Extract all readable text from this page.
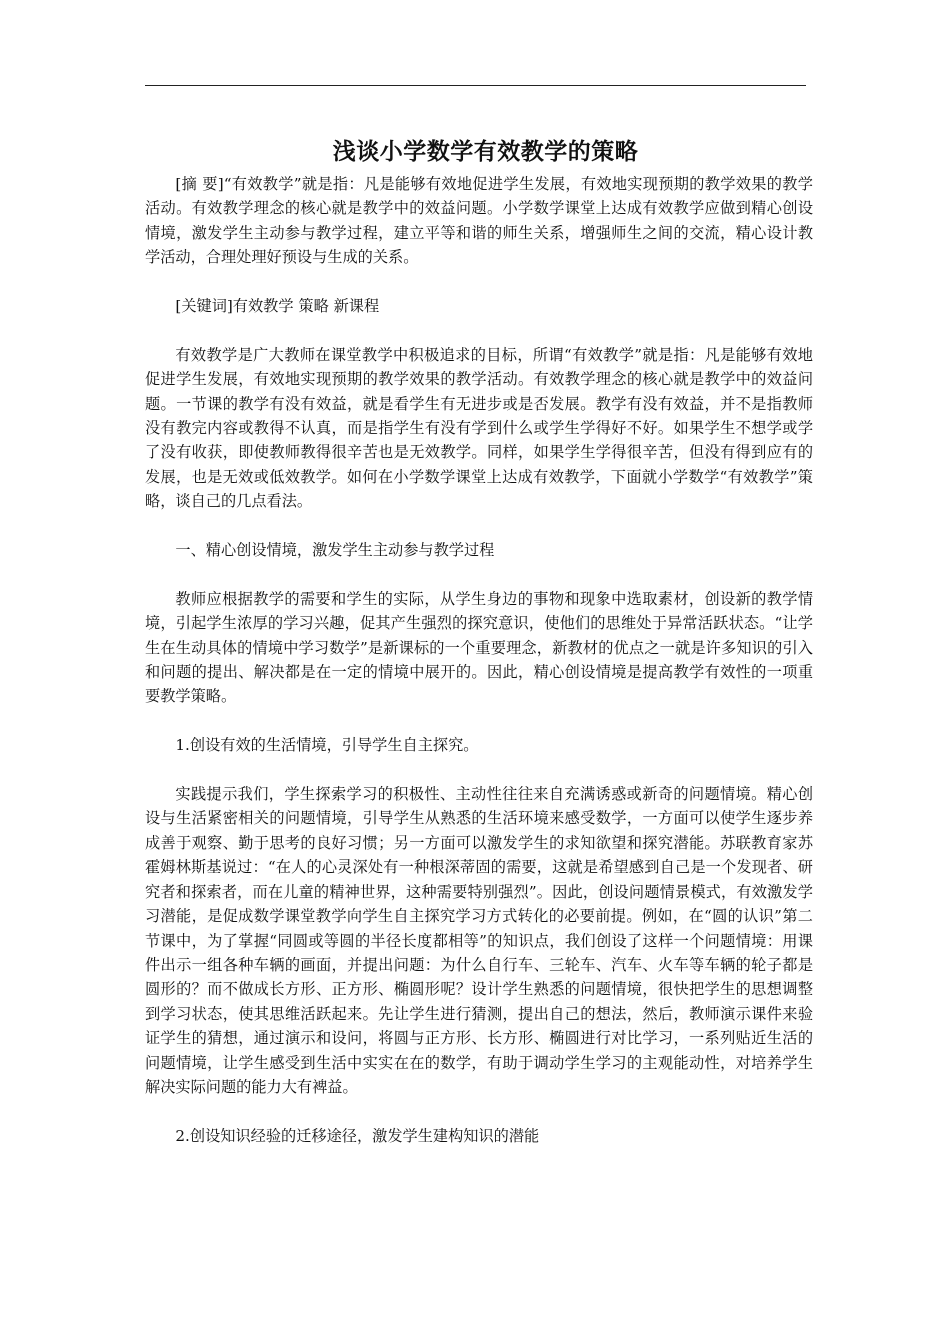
浅谈小学数学有效教学的策略

[摘 要]“有效教学”就是指：凡是能够有效地促进学生发展，有效地实现预期的教学效果的教学活动。有效教学理念的核心就是教学中的效益问题。小学数学课堂上达成有效教学应做到精心创设情境，激发学生主动参与教学过程，建立平等和谐的师生关系，增强师生之间的交流，精心设计教学活动，合理处理好预设与生成的关系。

[关键词]有效教学 策略 新课程

有效教学是广大教师在课堂教学中积极追求的目标，所谓“有效教学”就是指：凡是能够有效地促进学生发展，有效地实现预期的教学效果的教学活动。有效教学理念的核心就是教学中的效益问题。一节课的教学有没有效益，就是看学生有无进步或是否发展。教学有没有效益，并不是指教师没有教完内容或教得不认真，而是指学生有没有学到什么或学生学得好不好。如果学生不想学或学了没有收获，即使教师教得很辛苦也是无效教学。同样，如果学生学得很辛苦，但没有得到应有的发展，也是无效或低效教学。如何在小学数学课堂上达成有效教学，下面就小学数学“有效教学”策略，谈自己的几点看法。

一、精心创设情境，激发学生主动参与教学过程

教师应根据教学的需要和学生的实际，从学生身边的事物和现象中选取素材，创设新的教学情境，引起学生浓厚的学习兴趣，促其产生强烈的探究意识，使他们的思维处于异常活跃状态。“让学生在生动具体的情境中学习数学”是新课标的一个重要理念，新教材的优点之一就是许多知识的引入和问题的提出、解决都是在一定的情境中展开的。因此，精心创设情境是提高教学有效性的一项重要教学策略。

1.创设有效的生活情境，引导学生自主探究。

实践提示我们，学生探索学习的积极性、主动性往往来自充满诱惑或新奇的问题情境。精心创设与生活紧密相关的问题情境，引导学生从熟悉的生活环境来感受数学，一方面可以使学生逐步养成善于观察、勤于思考的良好习惯；另一方面可以激发学生的求知欲望和探究潜能。苏联教育家苏霍姆林斯基说过：“在人的心灵深处有一种根深蒂固的需要，这就是希望感到自己是一个发现者、研究者和探索者，而在儿童的精神世界，这种需要特别强烈”。因此，创设问题情景模式，有效激发学习潜能，是促成数学课堂教学向学生自主探究学习方式转化的必要前提。例如，在“圆的认识”第二节课中，为了掌握“同圆或等圆的半径长度都相等”的知识点，我们创设了这样一个问题情境：用课件出示一组各种车辆的画面，并提出问题：为什么自行车、三轮车、汽车、火车等车辆的轮子都是圆形的？而不做成长方形、正方形、椭圆形呢？设计学生熟悉的问题情境，很快把学生的思想调整到学习状态，使其思维活跃起来。先让学生进行猜测，提出自己的想法，然后，教师演示课件来验证学生的猜想，通过演示和设问，将圆与正方形、长方形、椭圆进行对比学习，一系列贴近生活的问题情境，让学生感受到生活中实实在在的数学，有助于调动学生学习的主观能动性，对培养学生解决实际问题的能力大有裨益。

2.创设知识经验的迁移途径，激发学生建构知识的潜能
